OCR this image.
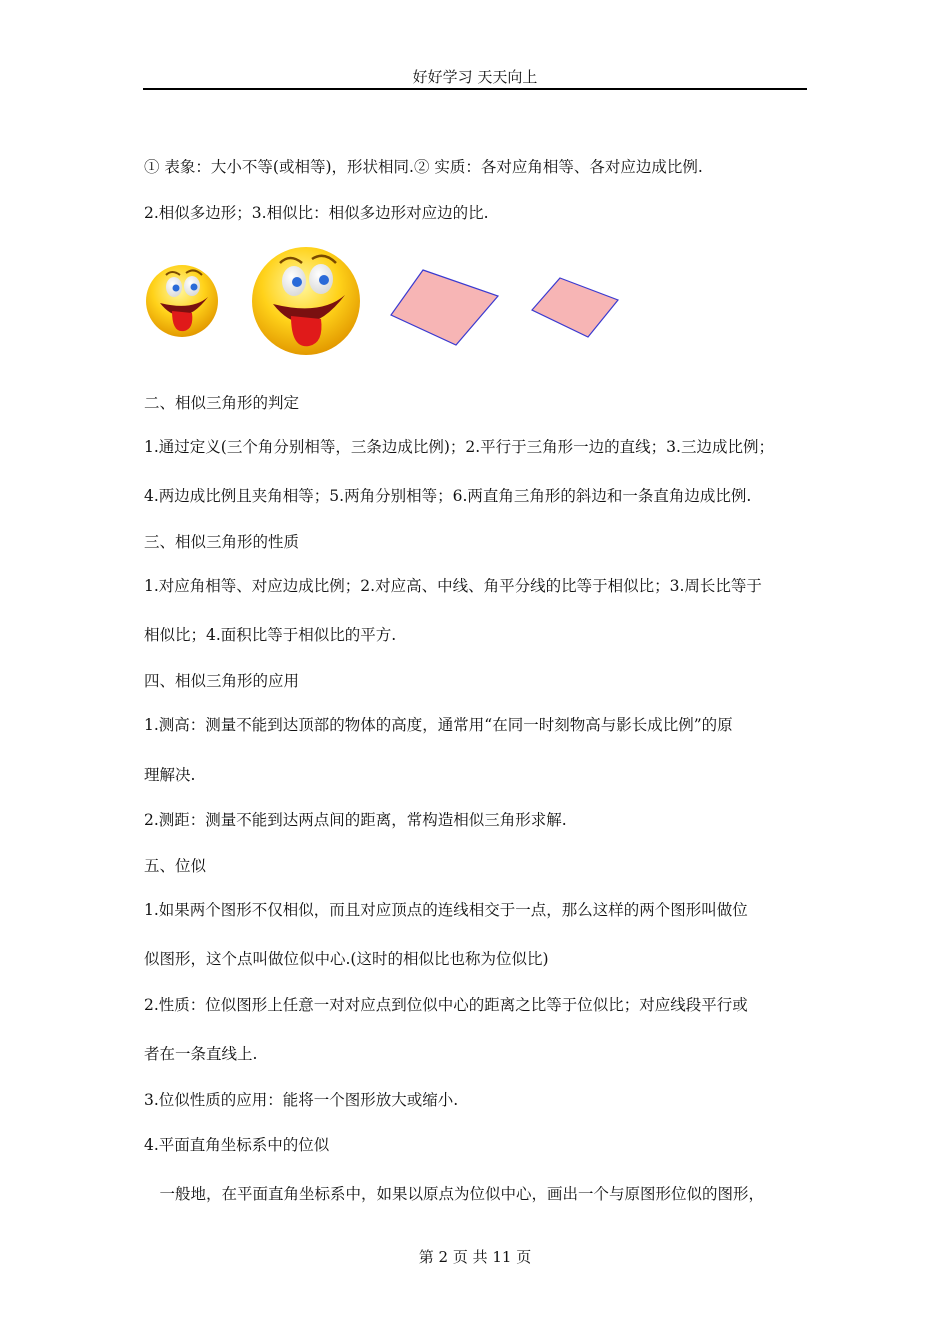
好好学习 天天向上
① 表象：大小不等(或相等)，形状相同.② 实质：各对应角相等、各对应边成比例.
2.相似多边形；3.相似比：相似多边形对应边的比.
二、相似三角形的判定
1.通过定义(三个角分别相等，三条边成比例)；2.平行于三角形一边的直线；3.三边成比例；
4.两边成比例且夹角相等；5.两角分别相等；6.两直角三角形的斜边和一条直角边成比例.
三、相似三角形的性质
1.对应角相等、对应边成比例；2.对应高、中线、角平分线的比等于相似比；3.周长比等于
相似比；4.面积比等于相似比的平方.
四、相似三角形的应用
1.测高：测量不能到达顶部的物体的高度，通常用“在同一时刻物高与影长成比例”的原
理解决.
2.测距：测量不能到达两点间的距离，常构造相似三角形求解.
五、位似
1.如果两个图形不仅相似，而且对应顶点的连线相交于一点，那么这样的两个图形叫做位
似图形，这个点叫做位似中心.(这时的相似比也称为位似比)
2.性质：位似图形上任意一对对应点到位似中心的距离之比等于位似比；对应线段平行或
者在一条直线上.
3.位似性质的应用：能将一个图形放大或缩小.
4.平面直角坐标系中的位似
　一般地，在平面直角坐标系中，如果以原点为位似中心，画出一个与原图形位似的图形，
第 2 页 共 11 页
